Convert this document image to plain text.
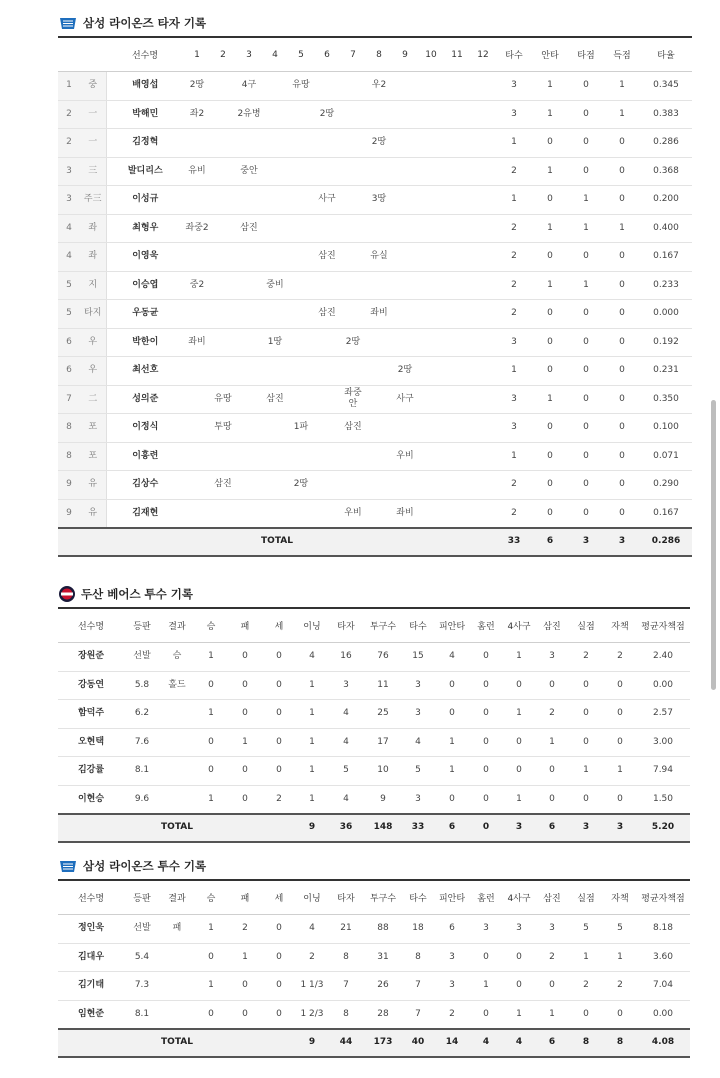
삼성 라이온즈 타자 기록
		선수명	1	2	3	4	5	6	7	8	9	10	11	12	타수	안타	타점	득점	타율
1	중	배영섭	2땅		4구		유땅			우2					3	1	0	1	0.345
2	一	박해민	좌2		2유병			2땅							3	1	0	1	0.383
2	一	김정혁								2땅					1	0	0	0	0.286
3	三	발디리스	유비		중안										2	1	0	0	0.368
3	주三	이성규						사구		3땅					1	0	1	0	0.200
4	좌	최형우	좌중2		삼진										2	1	1	1	0.400
4	좌	이영욱						삼진		유실					2	0	0	0	0.167
5	지	이승엽	중2			중비									2	1	1	0	0.233
5	타지	우동균						삼진		좌비					2	0	0	0	0.000
6	우	박한이	좌비			1땅			2땅						3	0	0	0	0.192
6	우	최선호									2땅				1	0	0	0	0.231
7	二	성의준		유땅		삼진			좌중안		사구				3	1	0	0	0.350
8	포	이정식		투땅			1파		삼진						3	0	0	0	0.100
8	포	이흥련									우비				1	0	0	0	0.071
9	유	김상수		삼진			2땅								2	0	0	0	0.290
9	유	김재현							우비		좌비				2	0	0	0	0.167
TOTAL															33	6	3	3	0.286
두산 베어스 투수 기록
선수명	등판	결과	승	패	세	이닝	타자	투구수	타수	피안타	홈런	4사구	삼진	실점	자책	평균자책점
장원준	선발	승	1	0	0	4	16	76	15	4	0	1	3	2	2	2.40
강동연	5.8	홀드	0	0	0	1	3	11	3	0	0	0	0	0	0	0.00
함덕주	6.2		1	0	0	1	4	25	3	0	0	1	2	0	0	2.57
오현택	7.6		0	1	0	1	4	17	4	1	0	0	1	0	0	3.00
김강률	8.1		0	0	0	1	5	10	5	1	0	0	0	1	1	7.94
이현승	9.6		1	0	2	1	4	9	3	0	0	1	0	0	0	1.50
TOTAL						9	36	148	33	6	0	3	6	3	3	5.20
삼성 라이온즈 투수 기록
선수명	등판	결과	승	패	세	이닝	타자	투구수	타수	피안타	홈런	4사구	삼진	실점	자책	평균자책점
정인욱	선발	패	1	2	0	4	21	88	18	6	3	3	3	5	5	8.18
김대우	5.4		0	1	0	2	8	31	8	3	0	0	2	1	1	3.60
김기태	7.3		1	0	0	1 1/3	7	26	7	3	1	0	0	2	2	7.04
임현준	8.1		0	0	0	1 2/3	8	28	7	2	0	1	1	0	0	0.00
TOTAL						9	44	173	40	14	4	4	6	8	8	4.08
